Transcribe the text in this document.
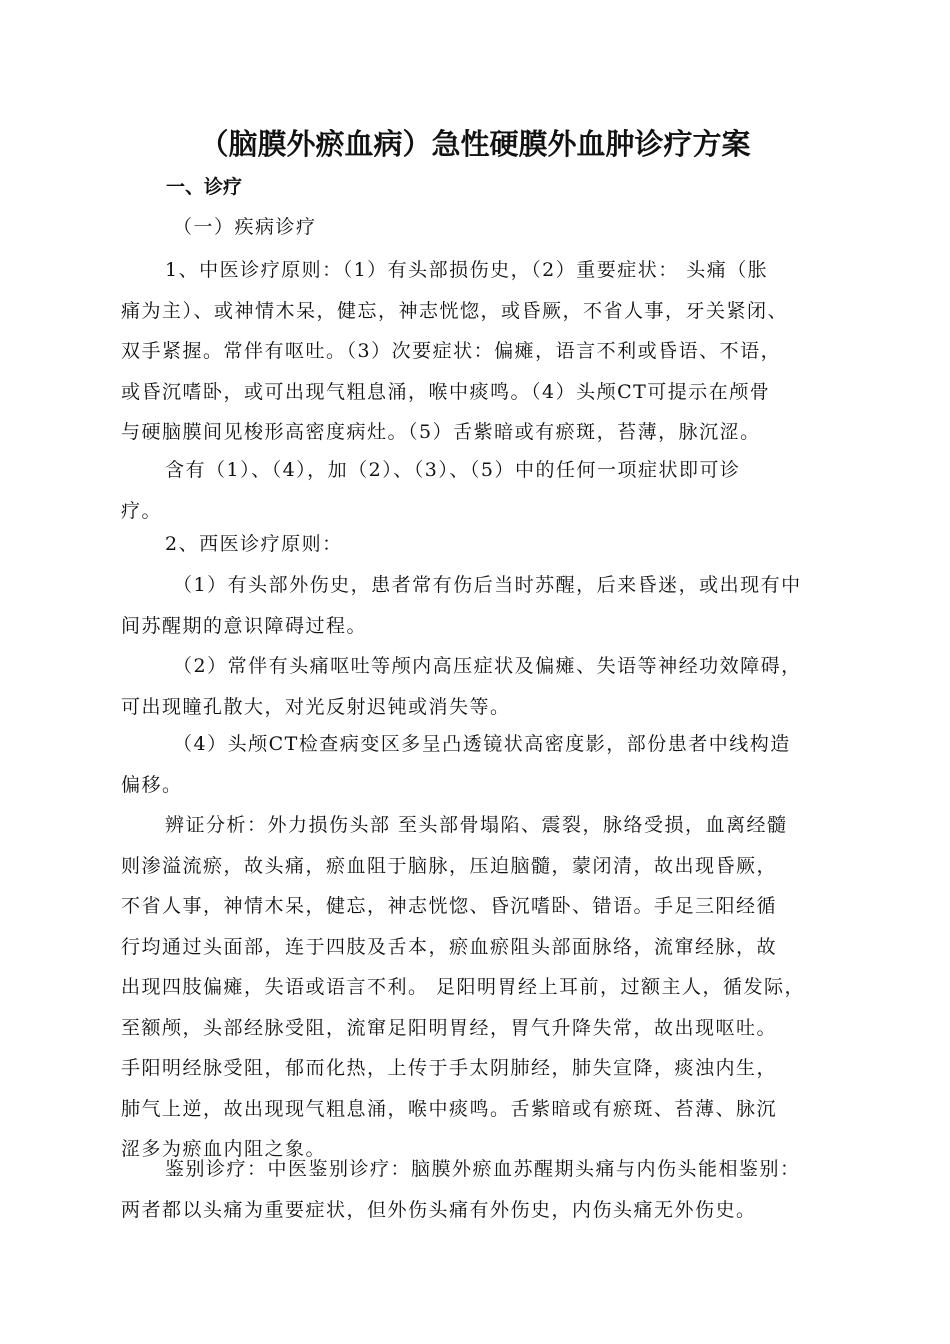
（脑膜外瘀血病）急性硬膜外血肿诊疗方案
一、诊疗
（一）疾病诊疗
1、中医诊疗原则：（1）有头部损伤史，（2）重要症状： 头痛（胀
痛为主）、或神情木呆，健忘，神志恍惚，或昏厥，不省人事，牙关紧闭、
双手紧握。常伴有呕吐。（3）次要症状：偏瘫，语言不利或昏语、不语，
或昏沉嗜卧，或可出现气粗息涌，喉中痰鸣。（4）头颅CT可提示在颅骨
与硬脑膜间见梭形高密度病灶。（5）舌紫暗或有瘀斑，苔薄，脉沉涩。
含有（1）、（4），加（2）、（3）、（5）中的任何一项症状即可诊
疗。
2、西医诊疗原则：
（1）有头部外伤史，患者常有伤后当时苏醒，后来昏迷，或出现有中
间苏醒期的意识障碍过程。
（2）常伴有头痛呕吐等颅内高压症状及偏瘫、失语等神经功效障碍，
可出现瞳孔散大，对光反射迟钝或消失等。
（4）头颅CT检查病变区多呈凸透镜状高密度影，部份患者中线构造
偏移。
辨证分析：外力损伤头部 至头部骨塌陷、震裂，脉络受损，血离经髓
则渗溢流瘀，故头痛，瘀血阻于脑脉，压迫脑髓，蒙闭清，故出现昏厥，
不省人事，神情木呆，健忘，神志恍惚、昏沉嗜卧、错语。手足三阳经循
行均通过头面部，连于四肢及舌本，瘀血瘀阻头部面脉络，流窜经脉，故
出现四肢偏瘫，失语或语言不利。 足阳明胃经上耳前，过额主人，循发际，
至额颅，头部经脉受阻，流窜足阳明胃经，胃气升降失常，故出现呕吐。
手阳明经脉受阻，郁而化热，上传于手太阴肺经，肺失宣降，痰浊内生，
肺气上逆，故出现现气粗息涌，喉中痰鸣。舌紫暗或有瘀斑、苔薄、脉沉
涩多为瘀血内阻之象。
鉴别诊疗：中医鉴别诊疗：脑膜外瘀血苏醒期头痛与内伤头能相鉴别：
两者都以头痛为重要症状，但外伤头痛有外伤史，内伤头痛无外伤史。
